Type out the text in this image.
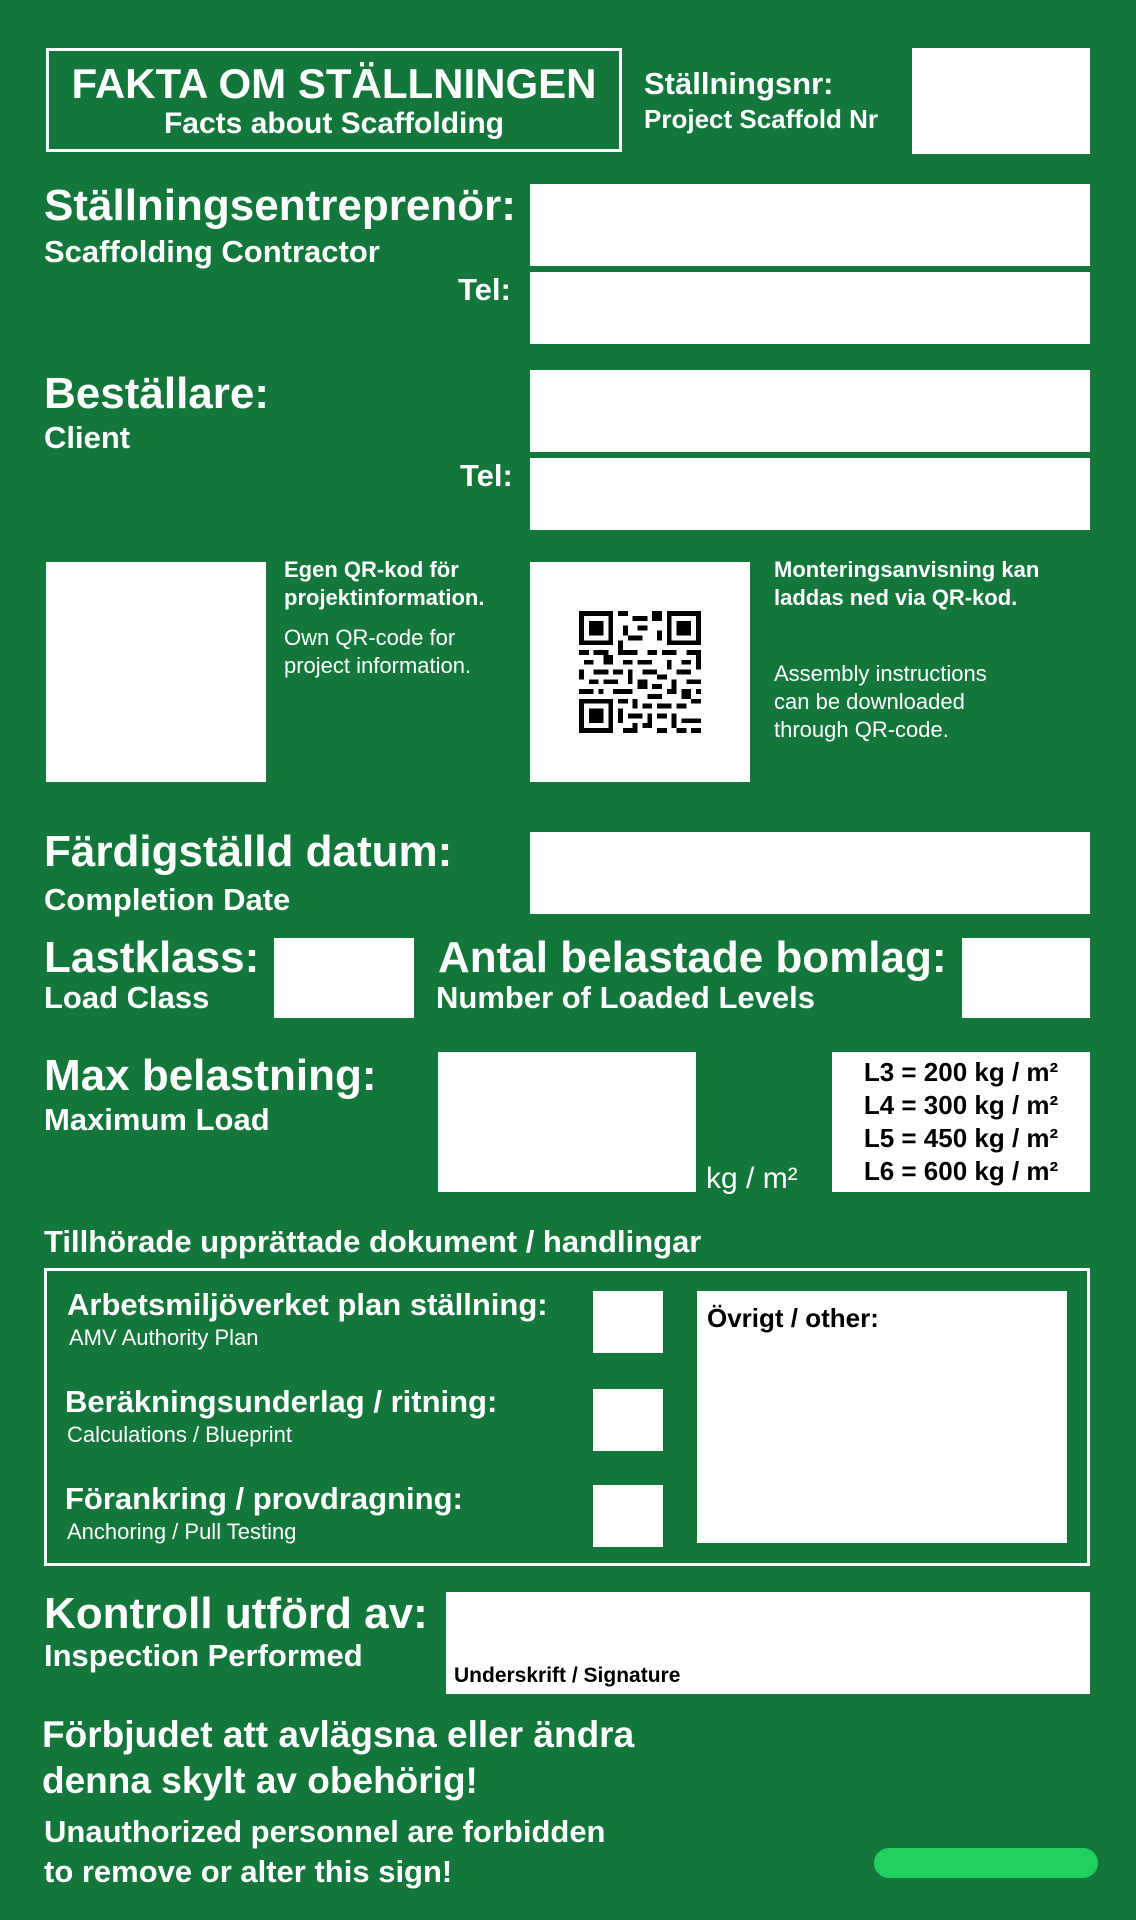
FAKTA OM STÄLLNINGEN
Facts about Scaffolding
Ställningsnr:
Project Scaffold Nr
Ställningsentreprenör:
Scaffolding Contractor
Tel:
Beställare:
Client
Tel:
Egen QR-kod för projektinformation.
Own QR-code for project information.
Monteringsanvisning kan laddas ned via QR-kod.
Assembly instructions can be downloaded through QR-code.
Färdigställd datum:
Completion Date
Lastklass:
Load Class
Antal belastade bomlag:
Number of Loaded Levels
Max belastning:
Maximum Load
kg / m²
L3 = 200 kg / m²
L4 = 300 kg / m²
L5 = 450 kg / m²
L6 = 600 kg / m²
Tillhörade upprättade dokument / handlingar
Arbetsmiljöverket plan ställning:
AMV Authority Plan
Beräkningsunderlag / ritning:
Calculations / Blueprint
Förankring / provdragning:
Anchoring / Pull Testing
Övrigt / other:
Kontroll utförd av:
Inspection Performed
Underskrift / Signature
Förbjudet att avlägsna eller ändra
denna skylt av obehörig!
Unauthorized personnel are forbidden
to remove or alter this sign!
